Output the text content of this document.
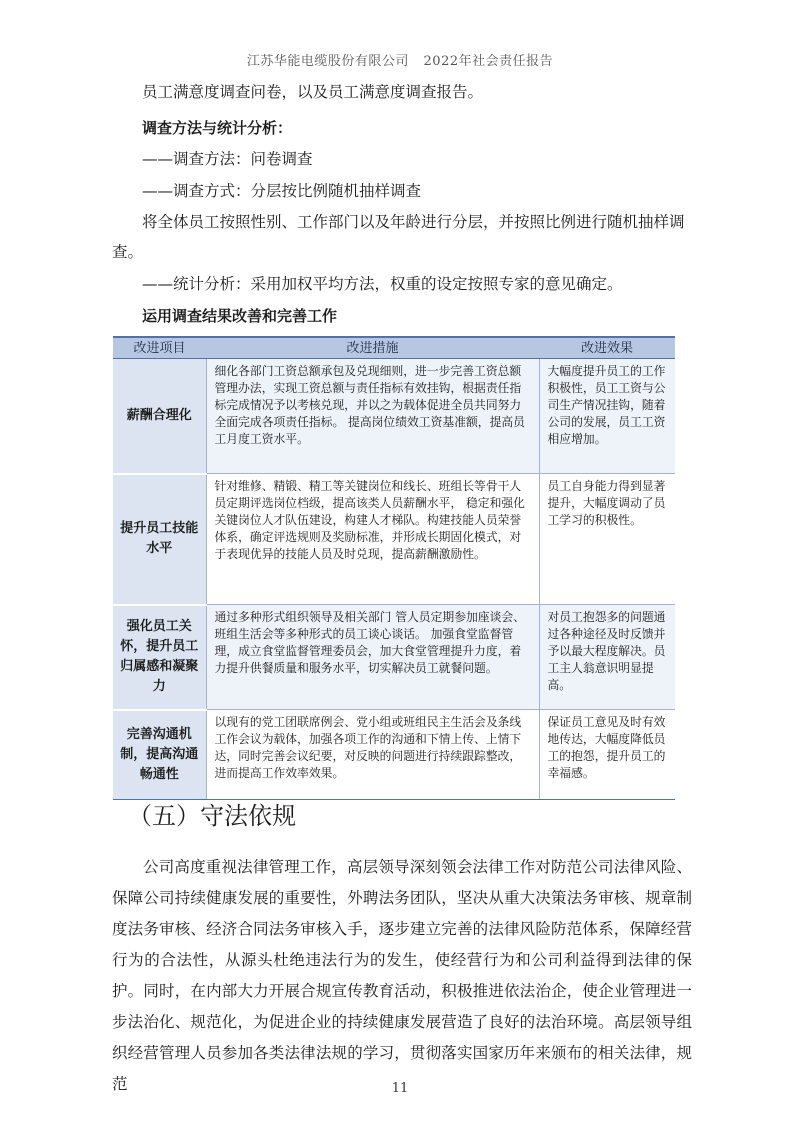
江苏华能电缆股份有限公司 2022年社会责任报告
员工满意度调查问卷，以及员工满意度调查报告。
调查方法与统计分析：
——调查方法：问卷调查
——调查方式：分层按比例随机抽样调查
将全体员工按照性别、工作部门以及年龄进行分层，并按照比例进行随机抽样调
查。
——统计分析：采用加权平均方法，权重的设定按照专家的意见确定。
运用调查结果改善和完善工作
改进项目	改进措施	改进效果
薪酬合理化	细化各部门工资总额承包及兑现细则，进一步完善工资总额管理办法，实现工资总额与责任指标有效挂钩，根据责任指标完成情况予以考核兑现，并以之为载体促进全员共同努力全面完成各项责任指标。 提高岗位绩效工资基准额，提高员工月度工资水平。	大幅度提升员工的工作积极性，员工工资与公司生产情况挂钩，随着公司的发展，员工工资相应增加。
提升员工技能水平	针对维修、精锻、精工等关键岗位和线长、班组长等骨干人员定期评选岗位档级，提高该类人员薪酬水平， 稳定和强化关键岗位人才队伍建设，构建人才梯队。构建技能人员荣誉体系，确定评选规则及奖励标准，并形成长期固化模式，对于表现优异的技能人员及时兑现，提高薪酬激励性。	员工自身能力得到显著提升，大幅度调动了员工学习的积极性。
强化员工关怀，提升员工归属感和凝聚力	通过多种形式组织领导及相关部门 管人员定期参加座谈会、班组生活会等多种形式的员工谈心谈话。 加强食堂监督管理，成立食堂监督管理委员会，加大食堂管理提升力度，着力提升供餐质量和服务水平，切实解决员工就餐问题。	对员工抱怨多的问题通过各种途径及时反馈并予以最大程度解决。员工主人翁意识明显提高。
完善沟通机制，提高沟通畅通性	以现有的党工团联席例会、党小组或班组民主生活会及条线工作会议为载体，加强各项工作的沟通和下情上传、上情下达，同时完善会议纪要，对反映的问题进行持续跟踪整改，进而提高工作效率效果。	保证员工意见及时有效地传达，大幅度降低员工的抱怨，提升员工的幸福感。
（五）守法依规
公司高度重视法律管理工作，高层领导深刻领会法律工作对防范公司法律风险、保障公司持续健康发展的重要性，外聘法务团队，坚决从重大决策法务审核、规章制度法务审核、经济合同法务审核入手，逐步建立完善的法律风险防范体系，保障经营行为的合法性，从源头杜绝违法行为的发生，使经营行为和公司利益得到法律的保护。同时，在内部大力开展合规宣传教育活动，积极推进依法治企，使企业管理进一步法治化、规范化，为促进企业的持续健康发展营造了良好的法治环境。高层领导组织经营管理人员参加各类法律法规的学习，贯彻落实国家历年来颁布的相关法律，规范	11
